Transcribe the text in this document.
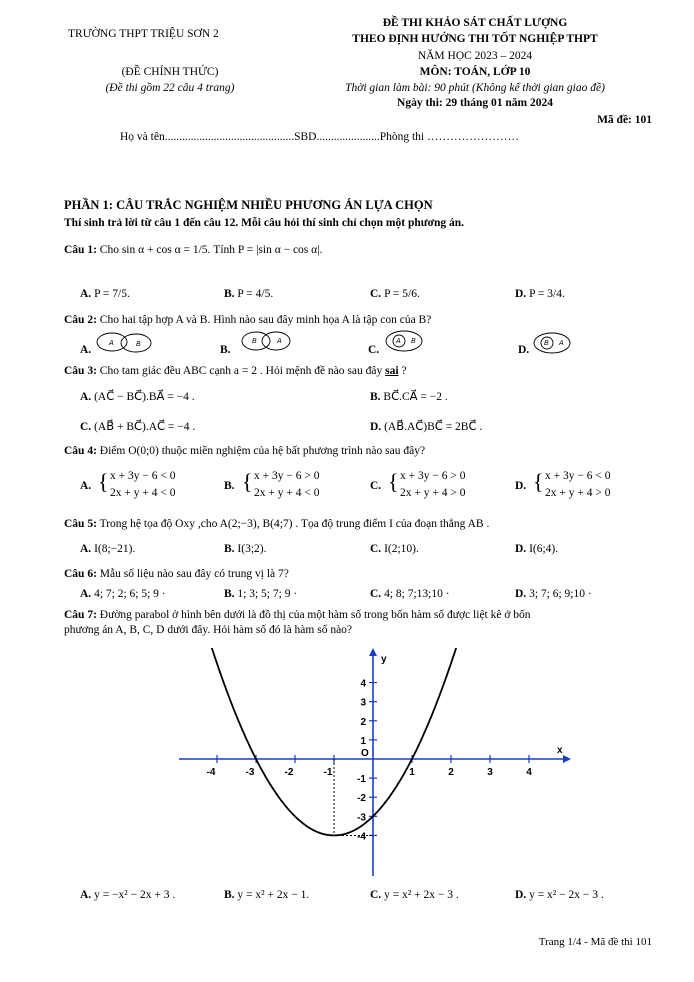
TRƯỜNG THPT TRIỆU SƠN 2
ĐỀ THI KHẢO SÁT CHẤT LƯỢNG
THEO ĐỊNH HƯỚNG THI TỐT NGHIỆP THPT
NĂM HỌC 2023 – 2024
(ĐỀ CHÍNH THỨC)	MÔN: TOÁN, LỚP 10
(Đề thi gồm 22 câu 4 trang)	Thời gian làm bài: 90 phút (Không kể thời gian giao đề)
Ngày thi: 29 tháng 01 năm 2024
Mã đề: 101
Họ và tên.............................................SBD......................Phòng thi ……………………
PHẦN 1: CÂU TRẮC NGHIỆM NHIỀU PHƯƠNG ÁN LỰA CHỌN
Thí sinh trả lời từ câu 1 đến câu 12. Mỗi câu hỏi thí sinh chỉ chọn một phương án.
Câu 1: Cho sin α + cos α = 1/5. Tính P = |sin α − cos α|.
A. P = 7/5.	B. P = 4/5.	C. P = 5/6.	D. P = 3/4.
Câu 2: Cho hai tập hợp A và B. Hình nào sau đây minh họa A là tập con của B?
A.	B.	C.	D.
A	B	B	A	A B	B A
Câu 3: Cho tam giác đều ABC cạnh a = 2 . Hỏi mệnh đề nào sau đây sai ?
A. (AC⃗ − BC⃗).BA⃗ = −4 .	B. BC⃗.CA⃗ = −2 .
C. (AB⃗ + BC⃗).AC⃗ = −4 .	D. (AB⃗.AC⃗)BC⃗ = 2BC⃗ .
Câu 4: Điểm O(0;0) thuộc miền nghiệm của hệ bất phương trình nào sau đây?
A. { x + 3y − 6 < 0
2x + y + 4 < 0
B. { x + 3y − 6 > 0
2x + y + 4 < 0
C. { x + 3y − 6 > 0
2x + y + 4 > 0
D. { x + 3y − 6 < 0
2x + y + 4 > 0
Câu 5: Trong hệ tọa độ Oxy ,cho A(2;−3), B(4;7) . Tọa độ trung điểm I của đoạn thẳng AB .
A. I(8;−21).	B. I(3;2).	C. I(2;10).	D. I(6;4).
Câu 6: Mẫu số liệu nào sau đây có trung vị là 7?
A. 4; 7; 2; 6; 5; 9 ·	B. 1; 3; 5; 7; 9 ·	C. 4; 8; 7;13;10 ·	D. 3; 7; 6; 9;10 ·
Câu 7: Đường parabol ở hình bên dưới là đồ thị của một hàm số trong bốn hàm số được liệt kê ở bốn
phương án A, B, C, D dưới đây. Hỏi hàm số đó là hàm số nào?
-4	-3	-2	-1	1	2	3	4
4
3
2
1
-1
-2
-3
-4
x
y
O
A. y = −x² − 2x + 3 .	B. y = x² + 2x − 1.	C. y = x² + 2x − 3 .	D. y = x² − 2x − 3 .
Trang 1/4 - Mã đề thi 101
